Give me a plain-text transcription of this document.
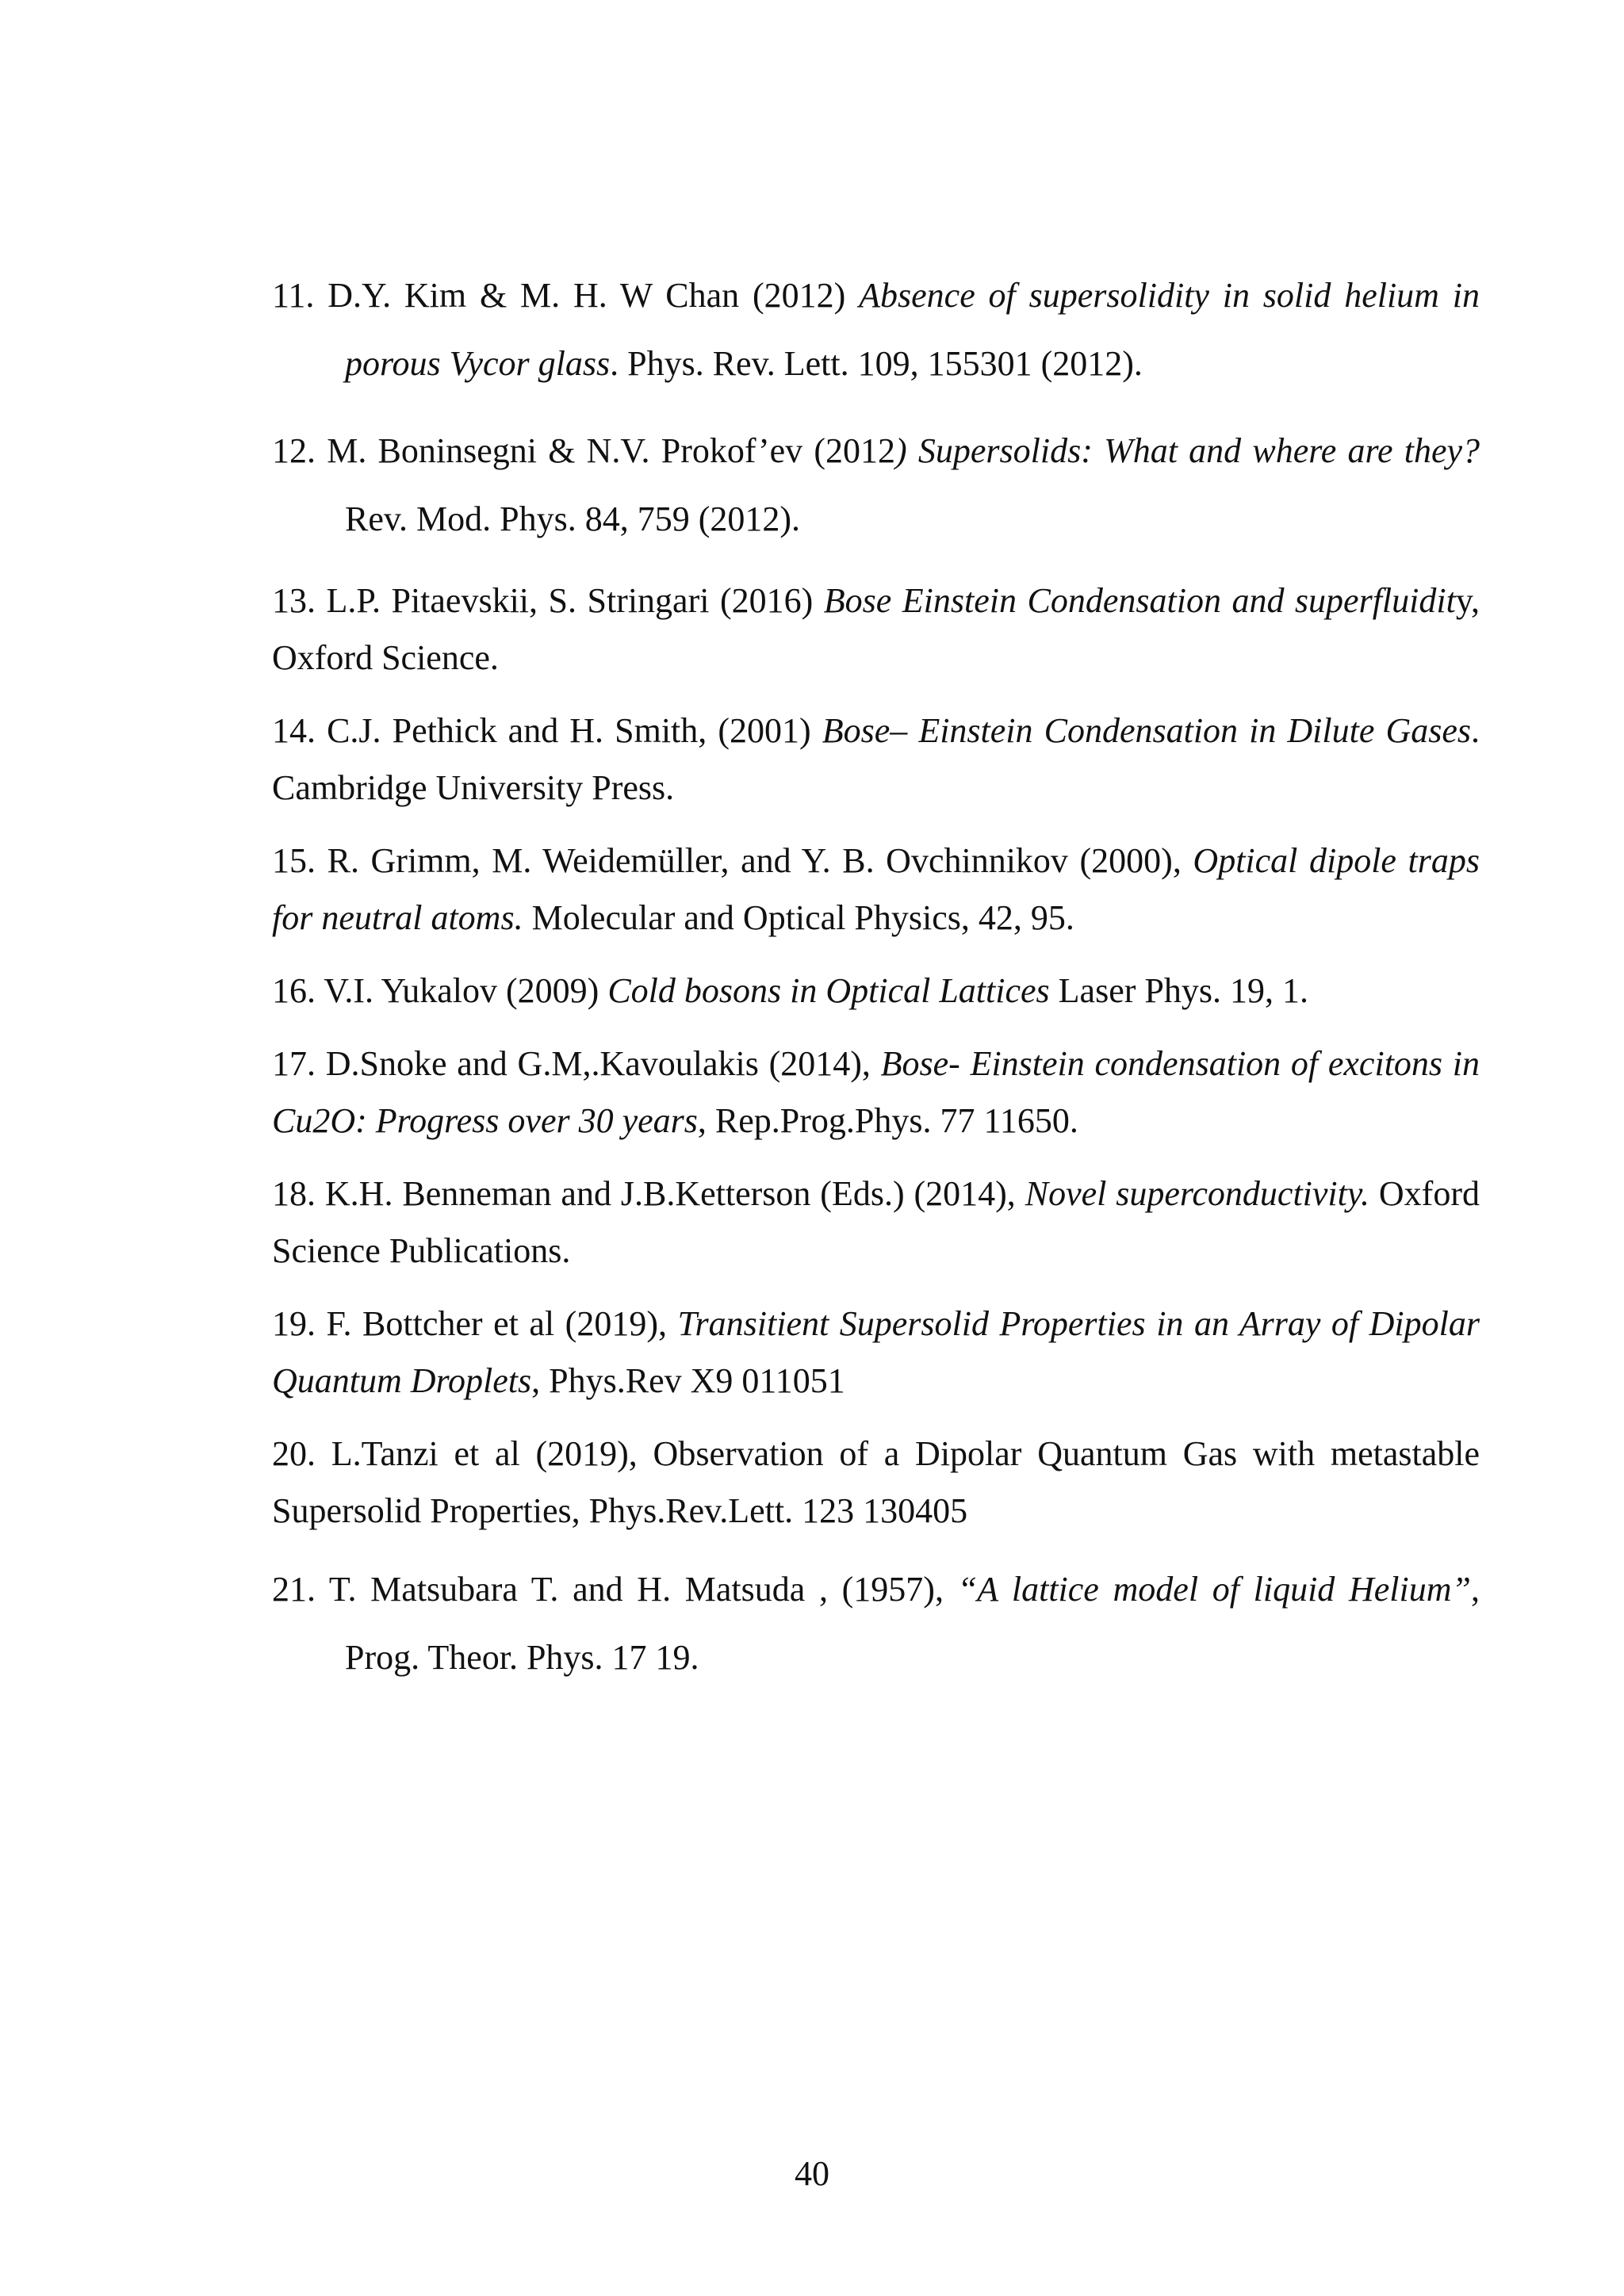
11. D.Y. Kim & M. H. W Chan (2012) Absence of supersolidity in solid helium in porous Vycor glass. Phys. Rev. Lett. 109, 155301 (2012).

12. M. Boninsegni & N.V. Prokof’ev (2012) Supersolids: What and where are they? Rev. Mod. Phys. 84, 759 (2012).

13. L.P. Pitaevskii, S. Stringari (2016) Bose Einstein Condensation and superfluidity, Oxford Science.

14. C.J. Pethick and H. Smith, (2001) Bose– Einstein Condensation in Dilute Gases. Cambridge University Press.

15. R. Grimm, M. Weidemüller, and Y. B. Ovchinnikov (2000), Optical dipole traps for neutral atoms. Molecular and Optical Physics, 42, 95.

16. V.I. Yukalov (2009) Cold bosons in Optical Lattices Laser Phys. 19, 1.

17. D.Snoke and G.M,.Kavoulakis (2014), Bose- Einstein condensation of excitons in Cu2O: Progress over 30 years, Rep.Prog.Phys. 77 11650.

18. K.H. Benneman and J.B.Ketterson (Eds.) (2014), Novel superconductivity. Oxford Science Publications.

19. F. Bottcher et al (2019), Transitient Supersolid Properties in an Array of Dipolar Quantum Droplets, Phys.Rev X9 011051

20. L.Tanzi et al (2019), Observation of a Dipolar Quantum Gas with metastable Supersolid Properties, Phys.Rev.Lett. 123 130405

21. T. Matsubara T. and H. Matsuda , (1957), “A lattice model of liquid Helium”, Prog. Theor. Phys. 17 19.

40
